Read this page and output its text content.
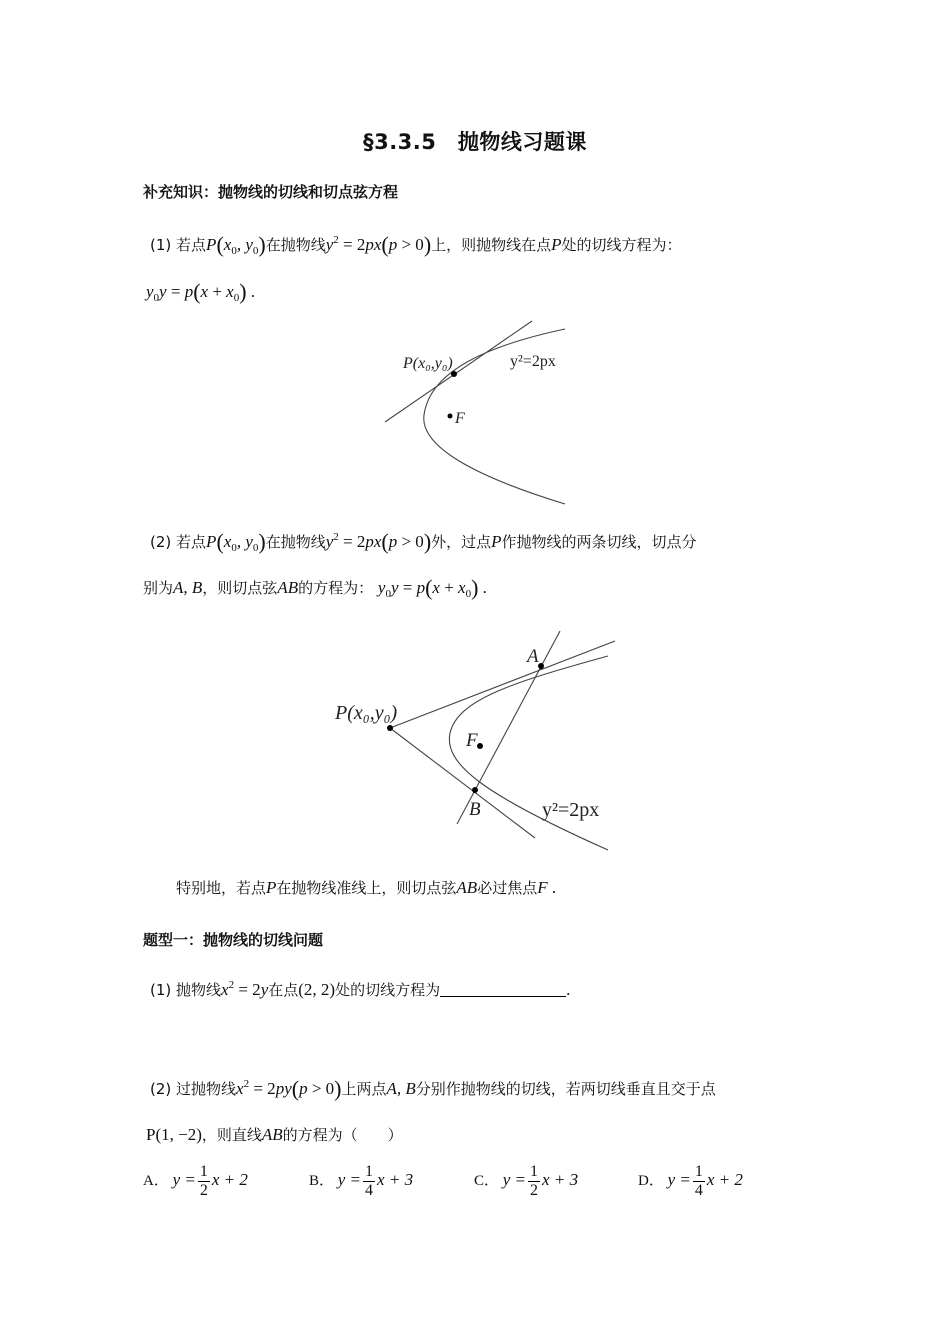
§3.3.5　抛物线习题课
补充知识：抛物线的切线和切点弦方程
(1) 若点$P(x_0$, $y_0$)在抛物线$y^2 = 2px(p > 0)$上，则抛物线在点P处的切线方程为：
$y_0y = p(x + x_0)$ .
P(x₀,y₀)	y²=2px
F
(2) 若点$P(x_0$, $y_0$)在抛物线$y^2 = 2px(p > 0)$外，过点P作抛物线的两条切线，切点分
别为A, B，则切点弦AB的方程为： $y_0y = p(x + x_0)$ .
P(x₀,y₀)
A
B
F
y²=2px
特别地，若点P在抛物线准线上，则切点弦AB必过焦点F .
题型一：抛物线的切线问题
(1) 抛物线$x^2 = 2y$在点(2, 2)处的切线方程为	.
(2) 过抛物线$x^2 = 2py(p > 0)$上两点A, B分别作抛物线的切线，若两切线垂直且交于点
P(1, −2)，则直线AB的方程为（　　）
A． $y = \frac{1}{2}$ x + 2	B． $y = \frac{1}{4}$ x + 3	C． $y = \frac{1}{2}$ x + 3	D． $y = \frac{1}{4}$ x + 2
